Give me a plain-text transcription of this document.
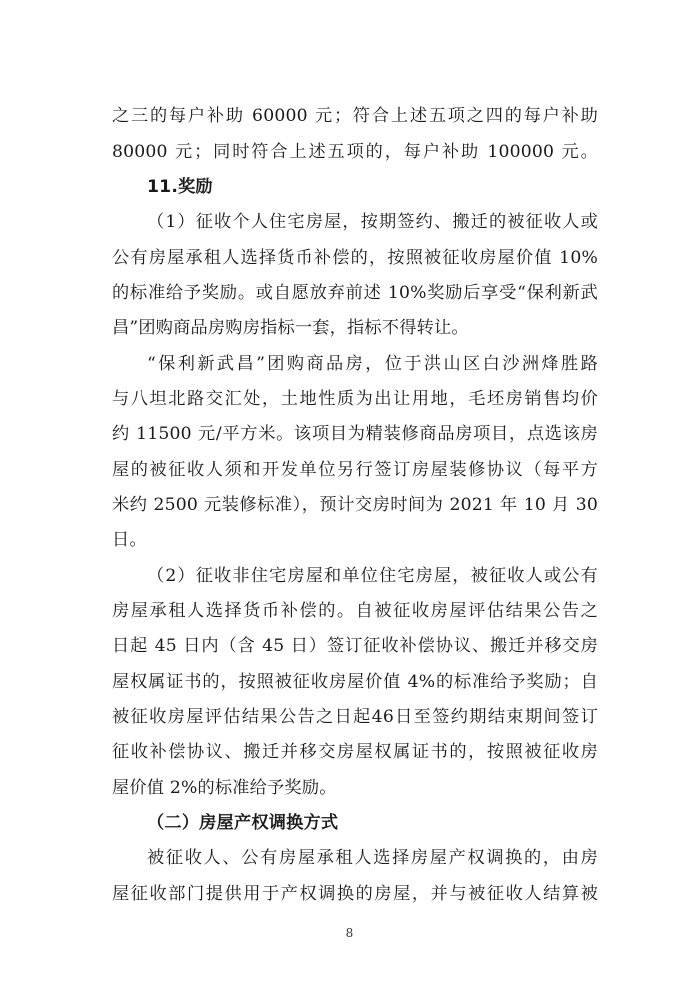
之三的每户补助 60000 元；符合上述五项之四的每户补助
80000 元；同时符合上述五项的，每户补助 100000 元。
11.奖励
（1）征收个人住宅房屋，按期签约、搬迁的被征收人或
公有房屋承租人选择货币补偿的，按照被征收房屋价值 10%
的标准给予奖励。或自愿放弃前述 10%奖励后享受“保利新武
昌”团购商品房购房指标一套，指标不得转让。
“保利新武昌”团购商品房，位于洪山区白沙洲烽胜路
与八坦北路交汇处，土地性质为出让用地，毛坯房销售均价
约 11500 元/平方米。该项目为精装修商品房项目，点选该房
屋的被征收人须和开发单位另行签订房屋装修协议（每平方
米约 2500 元装修标准），预计交房时间为 2021 年 10 月 30
日。
（2）征收非住宅房屋和单位住宅房屋，被征收人或公有
房屋承租人选择货币补偿的。自被征收房屋评估结果公告之
日起 45 日内（含 45 日）签订征收补偿协议、搬迁并移交房
屋权属证书的，按照被征收房屋价值 4%的标准给予奖励；自
被征收房屋评估结果公告之日起46日至签约期结束期间签订
征收补偿协议、搬迁并移交房屋权属证书的，按照被征收房
屋价值 2%的标准给予奖励。
（二）房屋产权调换方式
被征收人、公有房屋承租人选择房屋产权调换的，由房
屋征收部门提供用于产权调换的房屋，并与被征收人结算被
8
